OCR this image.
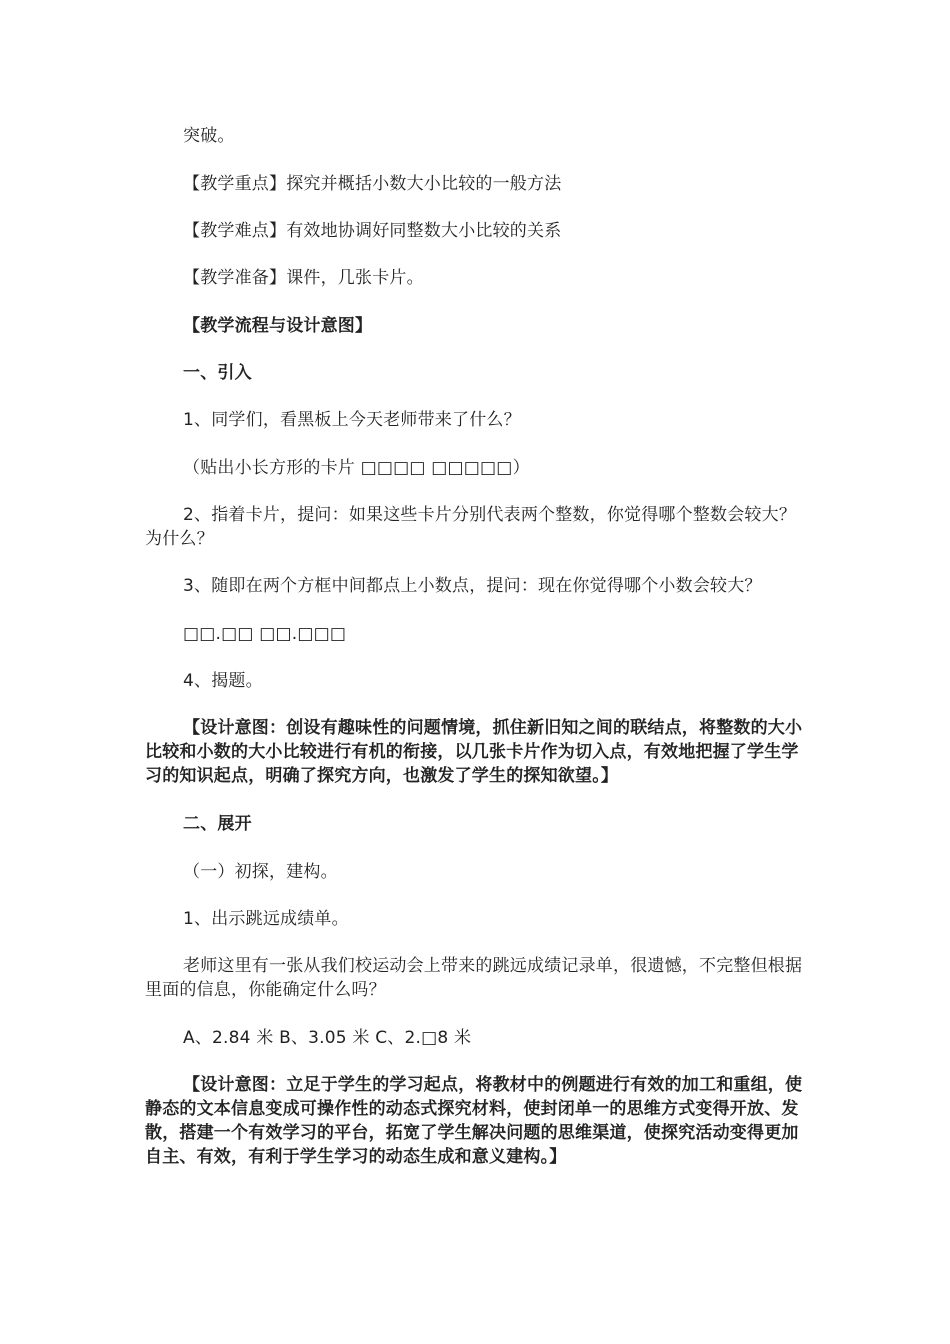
突破。

【教学重点】探究并概括小数大小比较的一般方法

【教学难点】有效地协调好同整数大小比较的关系

【教学准备】课件，几张卡片。

【教学流程与设计意图】

一、引入

1、同学们，看黑板上今天老师带来了什么？

（贴出小长方形的卡片 □□□□ □□□□□）

2、指着卡片，提问：如果这些卡片分别代表两个整数，你觉得哪个整数会较大？为什么？

3、随即在两个方框中间都点上小数点，提问：现在你觉得哪个小数会较大？

□□.□□ □□.□□□

4、揭题。

【设计意图：创设有趣味性的问题情境，抓住新旧知之间的联结点，将整数的大小比较和小数的大小比较进行有机的衔接，以几张卡片作为切入点，有效地把握了学生学习的知识起点，明确了探究方向，也激发了学生的探知欲望。】

二、展开

（一）初探，建构。

1、出示跳远成绩单。

老师这里有一张从我们校运动会上带来的跳远成绩记录单，很遗憾，不完整但根据里面的信息，你能确定什么吗？

A、2.84 米 B、3.05 米 C、2.□8 米

【设计意图：立足于学生的学习起点，将教材中的例题进行有效的加工和重组，使静态的文本信息变成可操作性的动态式探究材料，使封闭单一的思维方式变得开放、发散，搭建一个有效学习的平台，拓宽了学生解决问题的思维渠道，使探究活动变得更加自主、有效，有利于学生学习的动态生成和意义建构。】
